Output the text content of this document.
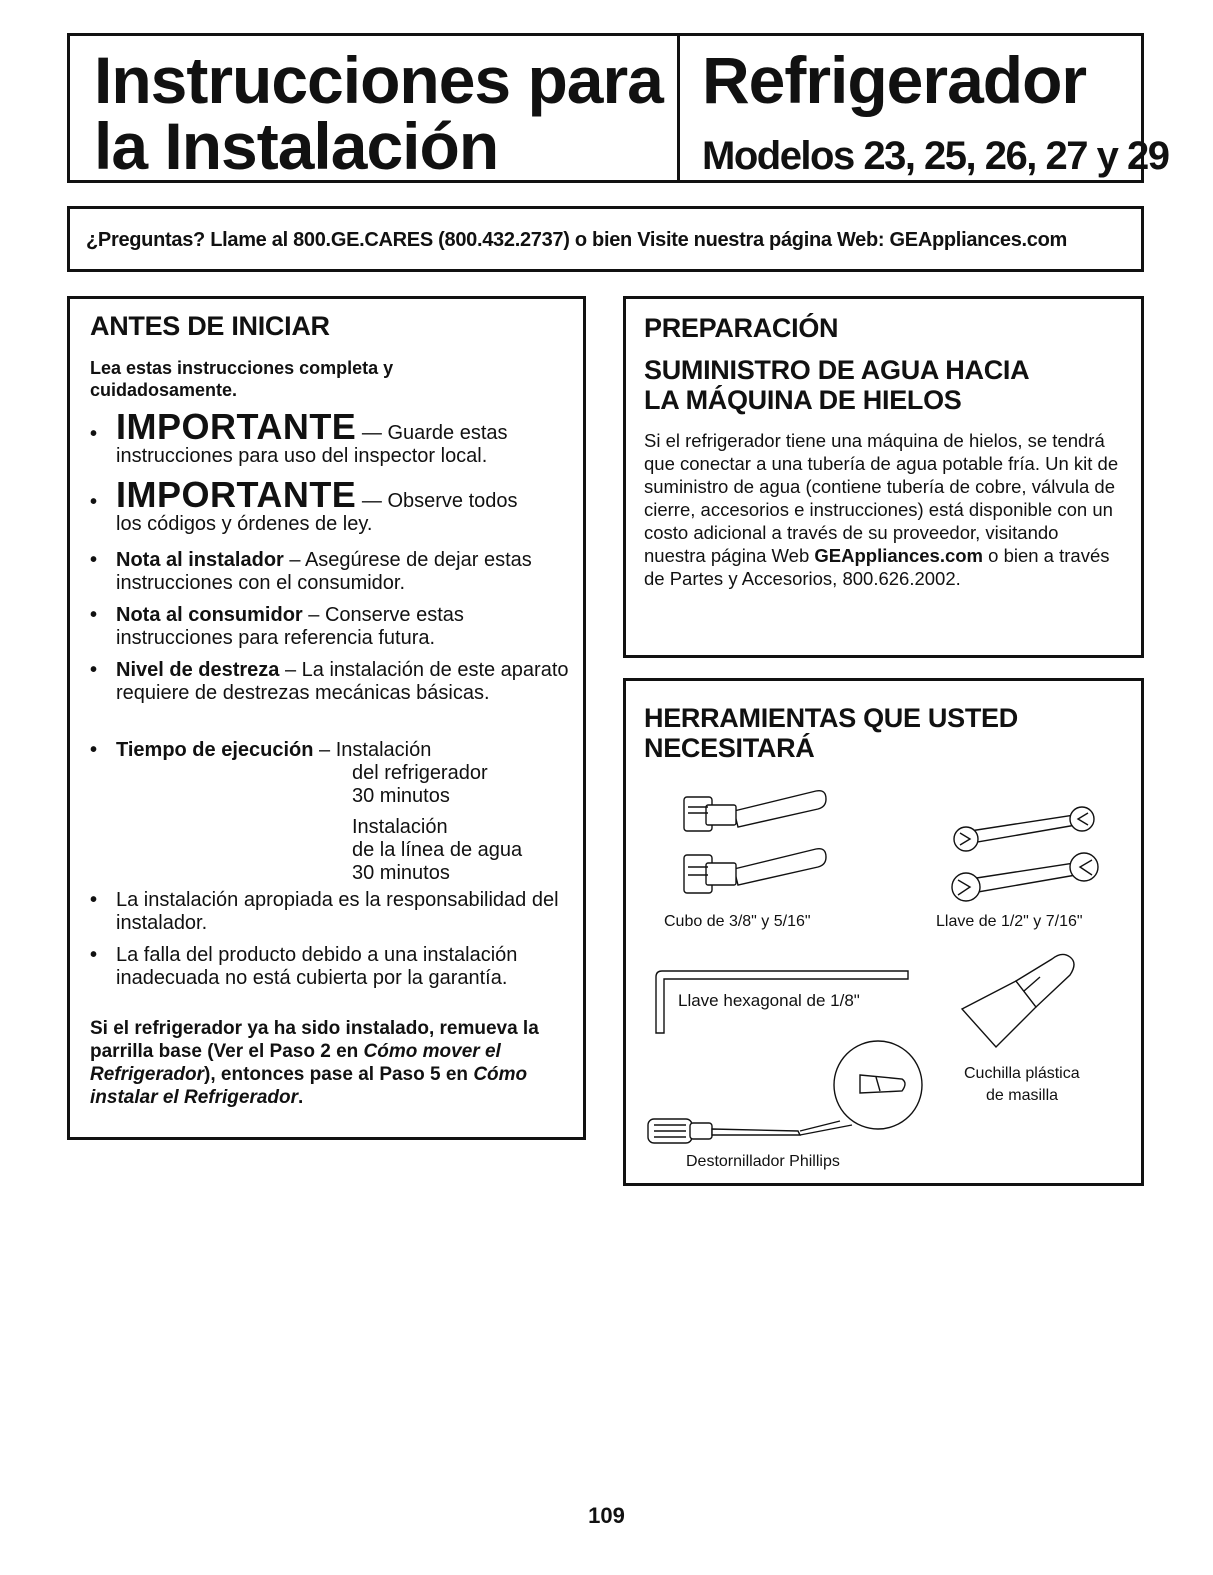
Instrucciones para
la Instalación
Refrigerador
Modelos 23, 25, 26, 27 y 29
¿Preguntas? Llame al 800.GE.CARES (800.432.2737) o bien Visite nuestra página Web: GEAppliances.com
ANTES DE INICIAR
Lea estas instrucciones completa y cuidadosamente.
• IMPORTANTE — Guarde estas
instrucciones para uso del inspector local.
• IMPORTANTE — Observe todos
los códigos y órdenes de ley.
• Nota al instalador – Asegúrese de dejar estas instrucciones con el consumidor.
• Nota al consumidor – Conserve estas instrucciones para referencia futura.
• Nivel de destreza – La instalación de este aparato requiere de destrezas mecánicas básicas.
• Tiempo de ejecución – Instalación
del refrigerador
30 minutos
Instalación
de la línea de agua
30 minutos
• La instalación apropiada es la responsabilidad del instalador.
• La falla del producto debido a una instalación inadecuada no está cubierta por la garantía.
Si el refrigerador ya ha sido instalado, remueva la parrilla base (Ver el Paso 2 en Cómo mover el Refrigerador), entonces pase al Paso 5 en Cómo instalar el Refrigerador.
PREPARACIÓN
SUMINISTRO DE AGUA HACIA
LA MÁQUINA DE HIELOS
Si el refrigerador tiene una máquina de hielos, se tendrá que conectar a una tubería de agua potable fría. Un kit de suministro de agua (contiene tubería de cobre, válvula de cierre, accesorios e instrucciones) está disponible con un costo adicional a través de su proveedor, visitando nuestra página Web GEAppliances.com o bien a través de Partes y Accesorios, 800.626.2002.
HERRAMIENTAS QUE USTED
NECESITARÁ
Cubo de 3/8" y 5/16"	Llave de 1/2" y 7/16"
Llave hexagonal de 1/8"
Cuchilla plástica
de masilla
Destornillador Phillips
109
